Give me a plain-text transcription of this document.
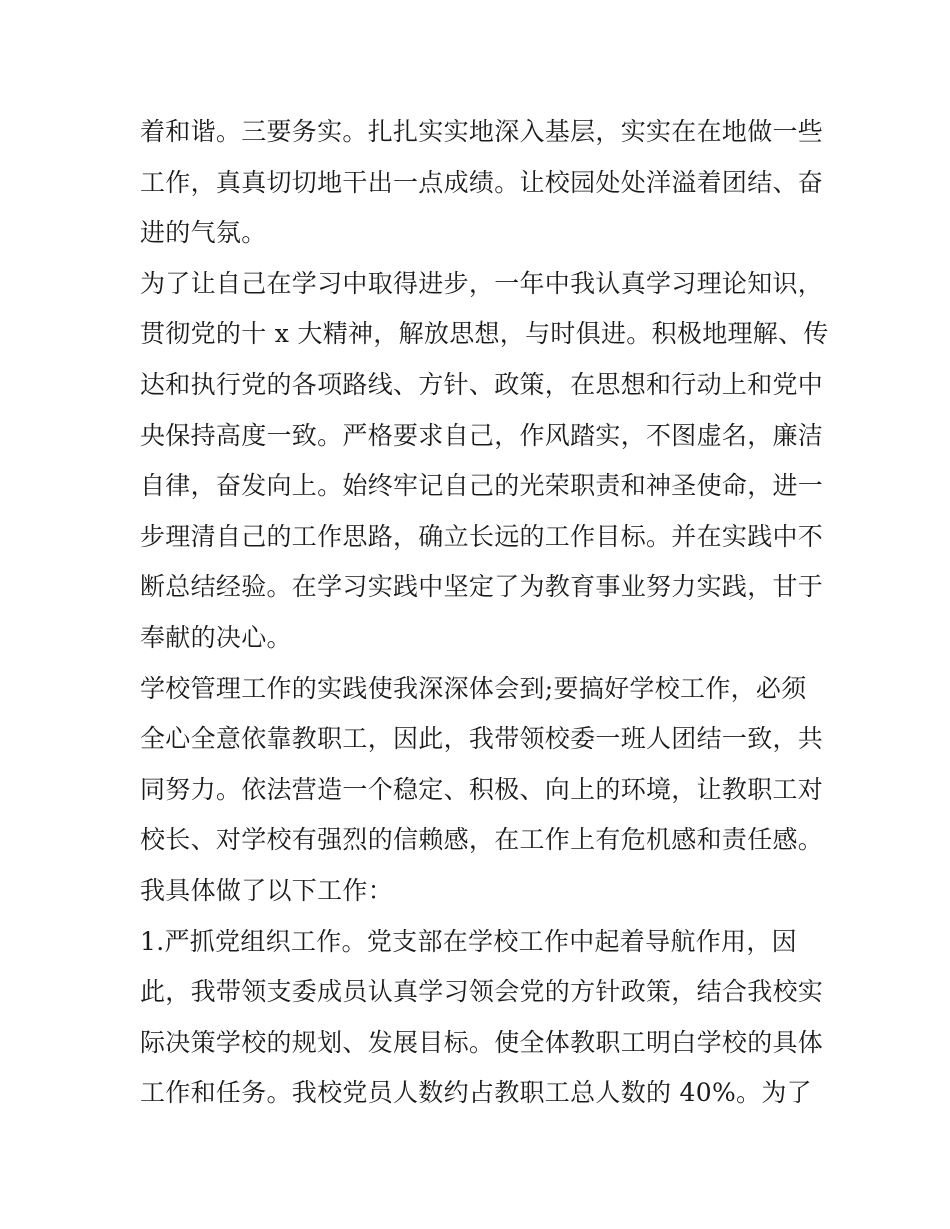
着和谐。三要务实。扎扎实实地深入基层，实实在在地做一些
工作，真真切切地干出一点成绩。让校园处处洋溢着团结、奋
进的气氛。
为了让自己在学习中取得进步，一年中我认真学习理论知识，
贯彻党的十 x 大精神，解放思想，与时俱进。积极地理解、传
达和执行党的各项路线、方针、政策，在思想和行动上和党中
央保持高度一致。严格要求自己，作风踏实，不图虚名，廉洁
自律，奋发向上。始终牢记自己的光荣职责和神圣使命，进一
步理清自己的工作思路，确立长远的工作目标。并在实践中不
断总结经验。在学习实践中坚定了为教育事业努力实践，甘于
奉献的决心。
学校管理工作的实践使我深深体会到;要搞好学校工作，必须
全心全意依靠教职工，因此，我带领校委一班人团结一致，共
同努力。依法营造一个稳定、积极、向上的环境，让教职工对
校长、对学校有强烈的信赖感，在工作上有危机感和责任感。
我具体做了以下工作：
1.严抓党组织工作。党支部在学校工作中起着导航作用，因
此，我带领支委成员认真学习领会党的方针政策，结合我校实
际决策学校的规划、发展目标。使全体教职工明白学校的具体
工作和任务。我校党员人数约占教职工总人数的 40%。为了
